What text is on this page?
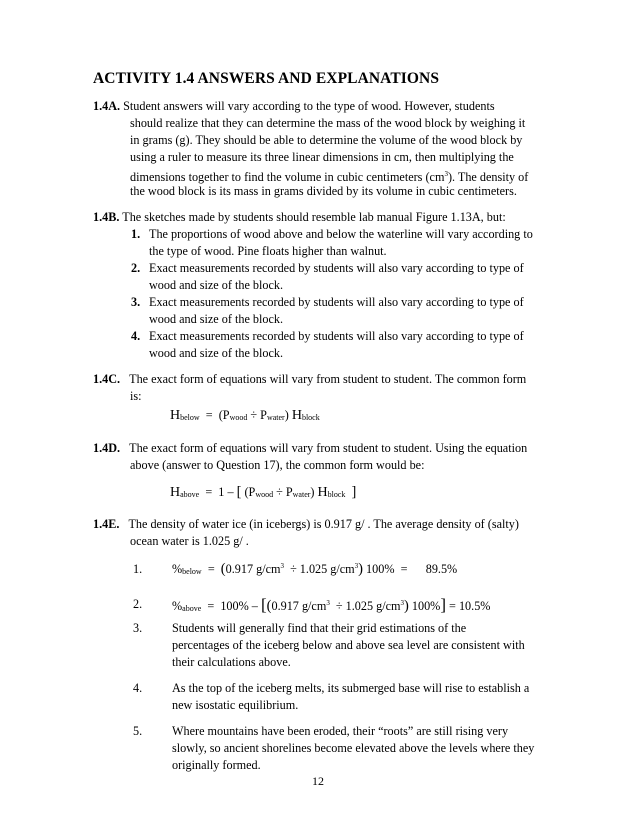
ACTIVITY 1.4 ANSWERS AND EXPLANATIONS
1.4A. Student answers will vary according to the type of wood. However, students
should realize that they can determine the mass of the wood block by weighing it
in grams (g). They should be able to determine the volume of the wood block by
using a ruler to measure its three linear dimensions in cm, then multiplying the
dimensions together to find the volume in cubic centimeters $(cm^3)$. The density of
the wood block is its mass in grams divided by its volume in cubic centimeters.
1.4B. The sketches made by students should resemble lab manual Figure 1.13A, but:
1. The proportions of wood above and below the waterline will vary according to
the type of wood. Pine floats higher than walnut.
2. Exact measurements recorded by students will also vary according to type of
wood and size of the block.
3. Exact measurements recorded by students will also vary according to type of
wood and size of the block.
4. Exact measurements recorded by students will also vary according to type of
wood and size of the block.
1.4C. The exact form of equations will vary from student to student. The common form
is:
$H_{below} = (P_{wood} \div P_{water})$ $H_{block}$
1.4D. The exact form of equations will vary from student to student. Using the equation
above (answer to Question 17), the common form would be:
$H_{above} = 1$ – [ $(P_{wood} \div P_{water})$ $H_{block}$ ]
1.4E. The density of water ice (in icebergs) is 0.917 g/ . The average density of (salty)
ocean water is 1.025 g/ .
1. $\%_{below} = (0.917$ $g/cm^3 \div 1.025$ $g/cm^3$) 100% = 89.5%
2. $\%_{above} = 100\% - [(0.917$ $g/cm^3 \div 1.025$ $g/cm^3$) 100%] = 10.5%
3. Students will generally find that their grid estimations of the
percentages of the iceberg below and above sea level are consistent with
their calculations above.
4. As the top of the iceberg melts, its submerged base will rise to establish a
new isostatic equilibrium.
5. Where mountains have been eroded, their “roots” are still rising very
slowly, so ancient shorelines become elevated above the levels where they
originally formed.
12
